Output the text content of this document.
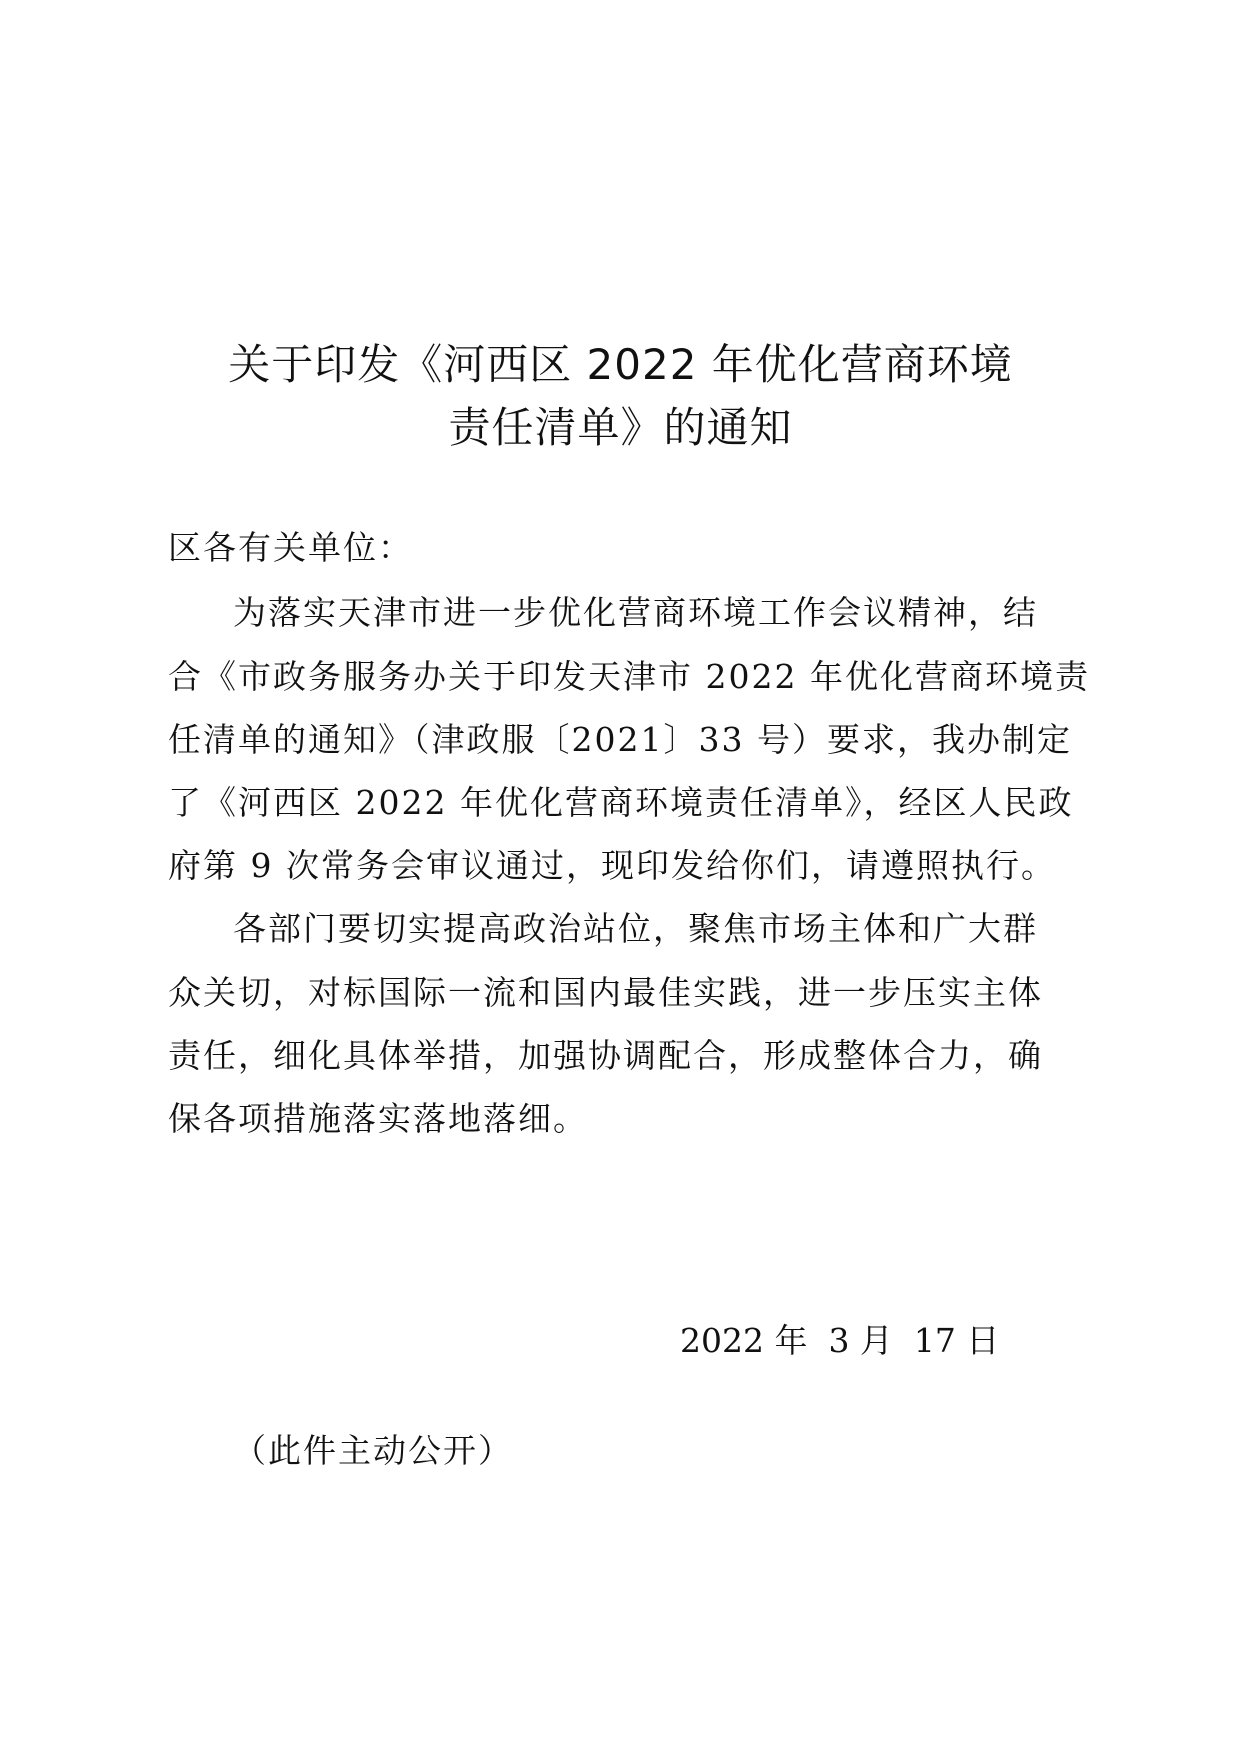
关于印发《河西区 2022 年优化营商环境
责任清单》的通知
区各有关单位：
为落实天津市进一步优化营商环境工作会议精神，结
合《市政务服务办关于印发天津市 2022 年优化营商环境责
任清单的通知》（津政服〔2021〕33 号）要求，我办制定
了《河西区 2022 年优化营商环境责任清单》，经区人民政
府第 9 次常务会审议通过，现印发给你们，请遵照执行。
各部门要切实提高政治站位，聚焦市场主体和广大群
众关切，对标国际一流和国内最佳实践，进一步压实主体
责任，细化具体举措，加强协调配合，形成整体合力，确
保各项措施落实落地落细。
2022 年  3 月  17 日
（此件主动公开）
